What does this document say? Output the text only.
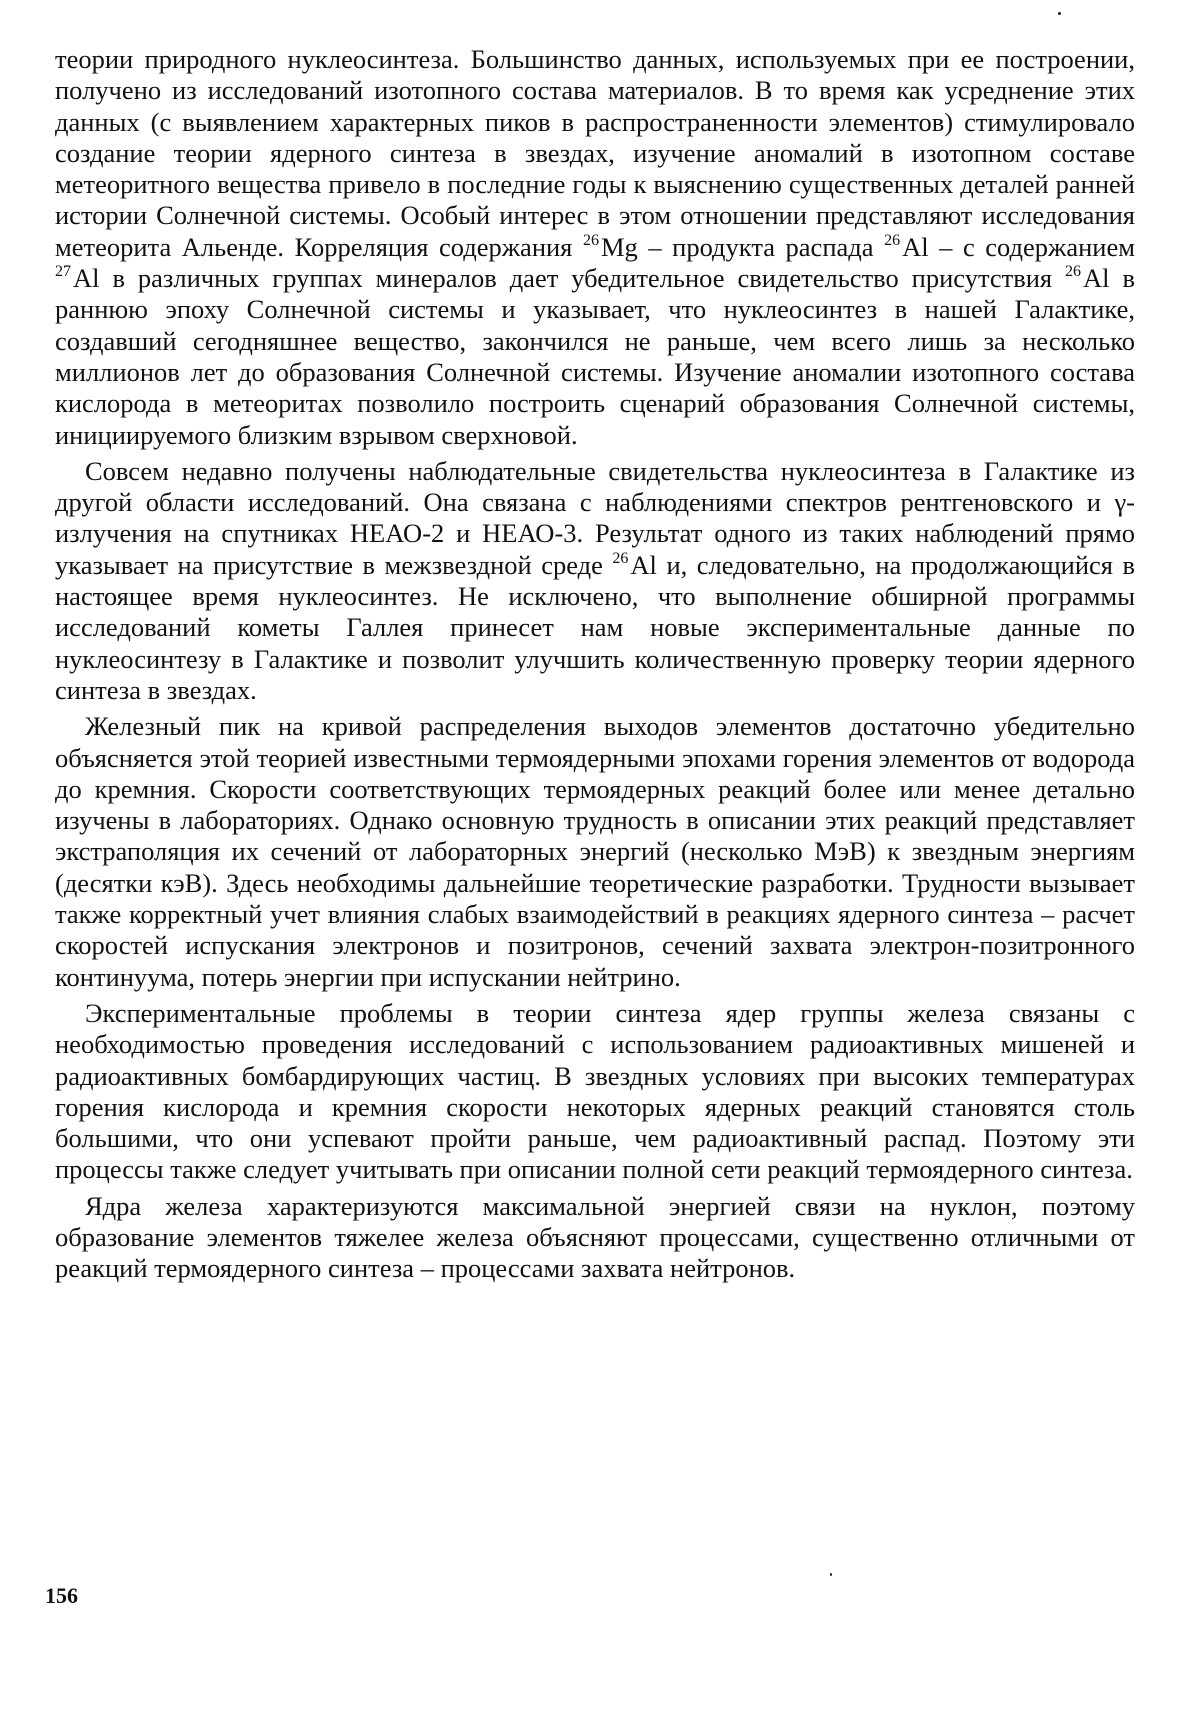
теории природного нуклеосинтеза. Большинство данных, используемых при ее построении, получено из исследований изотопного состава материалов. В то время как усреднение этих данных (с выявлением характерных пиков в распространенности элементов) стимулировало создание теории ядерного синтеза в звездах, изучение аномалий в изотопном составе метеоритного вещества привело в последние годы к выяснению существенных деталей ранней истории Солнечной системы. Особый интерес в этом отношении представляют исследования метеорита Альенде. Корреляция содержания $^{26}$Mg – продукта распада $^{26}$Al – с содержанием $^{27}$Al в различных группах минералов дает убедительное свидетельство присутствия $^{26}$Al в раннюю эпоху Солнечной системы и указывает, что нуклеосинтез в нашей Галактике, создавший сегодняшнее вещество, закончился не раньше, чем всего лишь за несколько миллионов лет до образования Солнечной системы. Изучение аномалии изотопного состава кислорода в метеоритах позволило построить сценарий образования Солнечной системы, инициируемого близким взрывом сверхновой.

Совсем недавно получены наблюдательные свидетельства нуклеосинтеза в Галактике из другой области исследований. Она связана с наблюдениями спектров рентгеновского и γ-излучения на спутниках НЕАО-2 и НЕАО-3. Результат одного из таких наблюдений прямо указывает на присутствие в межзвездной среде $^{26}$Al и, следовательно, на продолжающийся в настоящее время нуклеосинтез. Не исключено, что выполнение обширной программы исследований кометы Галлея принесет нам новые экспериментальные данные по нуклеосинтезу в Галактике и позволит улучшить количественную проверку теории ядерного синтеза в звездах.

Железный пик на кривой распределения выходов элементов достаточно убедительно объясняется этой теорией известными термоядерными эпохами горения элементов от водорода до кремния. Скорости соответствующих термоядерных реакций более или менее детально изучены в лабораториях. Однако основную трудность в описании этих реакций представляет экстраполяция их сечений от лабораторных энергий (несколько МэВ) к звездным энергиям (десятки кэВ). Здесь необходимы дальнейшие теоретические разработки. Трудности вызывает также корректный учет влияния слабых взаимодействий в реакциях ядерного синтеза – расчет скоростей испускания электронов и позитронов, сечений захвата электрон-позитронного континуума, потерь энергии при испускании нейтрино.

Экспериментальные проблемы в теории синтеза ядер группы железа связаны с необходимостью проведения исследований с использованием радиоактивных мишеней и радиоактивных бомбардирующих частиц. В звездных условиях при высоких температурах горения кислорода и кремния скорости некоторых ядерных реакций становятся столь большими, что они успевают пройти раньше, чем радиоактивный распад. Поэтому эти процессы также следует учитывать при описании полной сети реакций термоядерного синтеза.

Ядра железа характеризуются максимальной энергией связи на нуклон, поэтому образование элементов тяжелее железа объясняют процессами, существенно отличными от реакций термоядерного синтеза – процессами захвата нейтронов.

156
